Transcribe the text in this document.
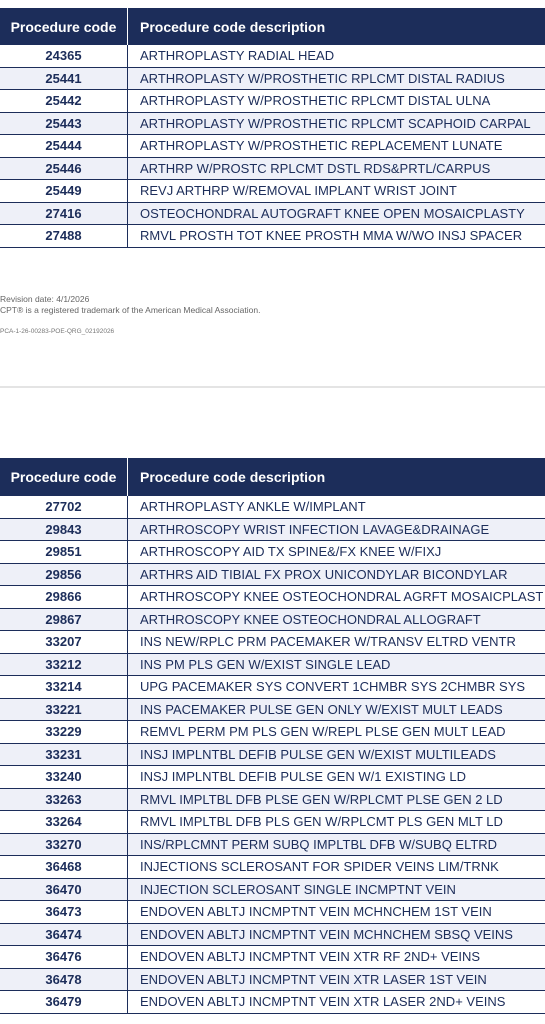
Procedure code	Procedure code description
24365	ARTHROPLASTY RADIAL HEAD
25441	ARTHROPLASTY W/PROSTHETIC RPLCMT DISTAL RADIUS
25442	ARTHROPLASTY W/PROSTHETIC RPLCMT DISTAL ULNA
25443	ARTHROPLASTY W/PROSTHETIC RPLCMT SCAPHOID CARPAL
25444	ARTHROPLASTY W/PROSTHETIC REPLACEMENT LUNATE
25446	ARTHRP W/PROSTC RPLCMT DSTL RDS&PRTL/CARPUS
25449	REVJ ARTHRP W/REMOVAL IMPLANT WRIST JOINT
27416	OSTEOCHONDRAL AUTOGRAFT KNEE OPEN MOSAICPLASTY
27488	RMVL PROSTH TOT KNEE PROSTH MMA W/WO INSJ SPACER
Revision date: 4/1/2026
CPT® is a registered trademark of the American Medical Association.
PCA-1-26-00283-POE-QRG_02192026
Procedure code	Procedure code description
27702	ARTHROPLASTY ANKLE W/IMPLANT
29843	ARTHROSCOPY WRIST INFECTION LAVAGE&DRAINAGE
29851	ARTHROSCOPY AID TX SPINE&/FX KNEE W/FIXJ
29856	ARTHRS AID TIBIAL FX PROX UNICONDYLAR BICONDYLAR
29866	ARTHROSCOPY KNEE OSTEOCHONDRAL AGRFT MOSAICPLAST
29867	ARTHROSCOPY KNEE OSTEOCHONDRAL ALLOGRAFT
33207	INS NEW/RPLC PRM PACEMAKER W/TRANSV ELTRD VENTR
33212	INS PM PLS GEN W/EXIST SINGLE LEAD
33214	UPG PACEMAKER SYS CONVERT 1CHMBR SYS 2CHMBR SYS
33221	INS PACEMAKER PULSE GEN ONLY W/EXIST MULT LEADS
33229	REMVL PERM PM PLS GEN W/REPL PLSE GEN MULT LEAD
33231	INSJ IMPLNTBL DEFIB PULSE GEN W/EXIST MULTILEADS
33240	INSJ IMPLNTBL DEFIB PULSE GEN W/1 EXISTING LD
33263	RMVL IMPLTBL DFB PLSE GEN W/RPLCMT PLSE GEN 2 LD
33264	RMVL IMPLTBL DFB PLS GEN W/RPLCMT PLS GEN MLT LD
33270	INS/RPLCMNT PERM SUBQ IMPLTBL DFB W/SUBQ ELTRD
36468	INJECTIONS SCLEROSANT FOR SPIDER VEINS LIM/TRNK
36470	INJECTION SCLEROSANT SINGLE INCMPTNT VEIN
36473	ENDOVEN ABLTJ INCMPTNT VEIN MCHNCHEM 1ST VEIN
36474	ENDOVEN ABLTJ INCMPTNT VEIN MCHNCHEM SBSQ VEINS
36476	ENDOVEN ABLTJ INCMPTNT VEIN XTR RF 2ND+ VEINS
36478	ENDOVEN ABLTJ INCMPTNT VEIN XTR LASER 1ST VEIN
36479	ENDOVEN ABLTJ INCMPTNT VEIN XTR LASER 2ND+ VEINS
